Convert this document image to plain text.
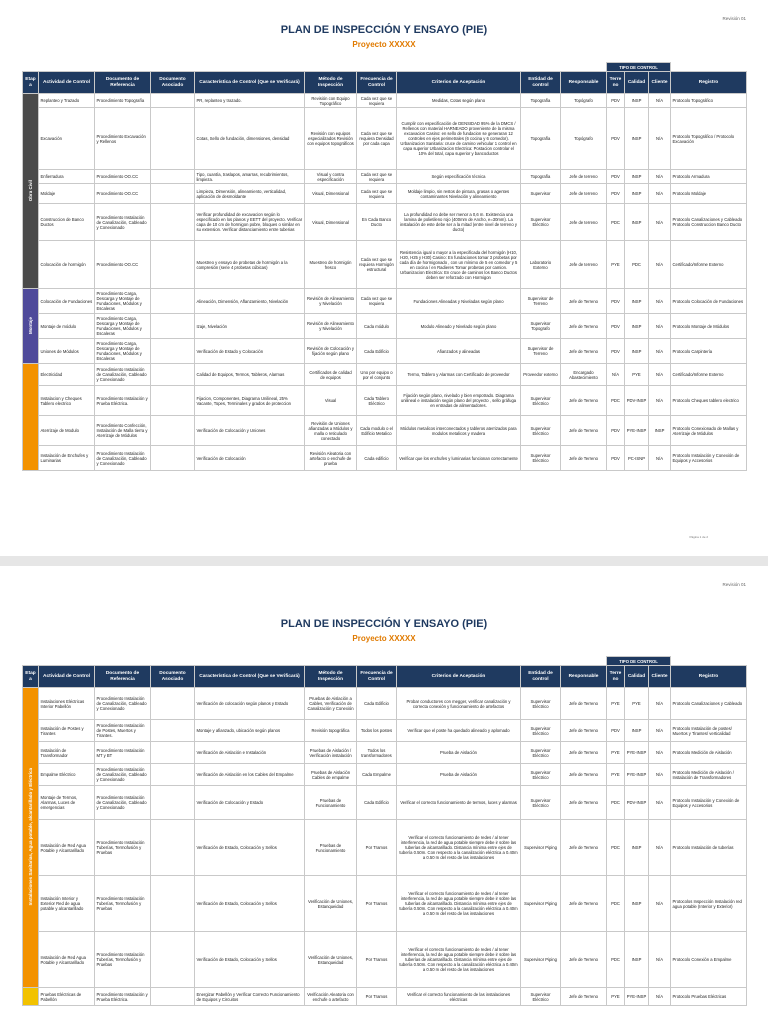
Revisión 01
PLAN DE INSPECCIÓN Y ENSAYO (PIE)
Proyecto XXXXX
										TIPO DE CONTROL			
Etapa	Actividad de Control	Documento de Referencia	Documento Asociado	Característica de Control (Que se Verificará)	Método de Inspección	Frecuencia de Control	Criterios de Aceptación	Entidad de control	Responsable	Terreno	Calidad	Cliente	Registro
Obra Civil	Replanteo y Trazado	Procedimiento Topografía		PR, replanteo y trazado.	Revisión con Equipo Topográfico	Cada vez que se requiera	Medidas, Cotas según plano	Topografía	Topógrafo	PDV	INSP	N/A	Protocolo Topográfico
	Excavación	Procedimiento Excavación y Rellenos		Cotas, Sello de fundación, dimensiones, densidad	Revisión con equipos especializados Revisión con equipos topográficos	Cada vez que se requiera Densidad por cada capa	Cumplir con especificación de DENSIDAD 95% de la DMCS / Rellenos con material HARNEADO proveniente de la misma excavacion Casino: en sello de fundacion se generaran 12 controles en ejes perimetrales (6 cocina y 6 comedor). Urbanizacion Sanitaria: cruce de camino vehicular 1 control en capa superior Urbanizacion Electrica: Postacion controlar el 10% del total, capa superior y bancoductos	Topografía	Topógrafo	PDV	INSP	N/A	Protocolo Topográfico / Protocolo Excavación
	Enfierradura	Procedimiento OO.CC		Tipo, cuantía, traslapos, amarras, recubrimientos, limpieza.	Visual y contra especificación	Cada vez que se requiera	Según especificación técnica	Topografía	Jefe de terreno	PDV	INSP	N/A	Protocolo Armadura
	Moldaje	Procedimiento OO.CC		Limpieza, Dimensión, alineamiento, verticalidad, aplicación de desmoldante	Visual, Dimensional	Cada vez que se requiera	Moldaje limpio, sin restos de pintura, grasas o agentes contaminantes Nivelación y alineamiento	Supervisor	Jefe de terreno	PDV	INSP	N/A	Protocolo Moldaje
	Construccion de Banco Ductos	Procedimiento Instalación de Canalización, Cableado y Conexionado		Verificar profundidad de excavacion según lo especificado en los planos y EETT del proyecto. Verificar capa de 10 cm de hormigon pobre, bloques o similar en su extension. Verificar distanciamiento entre tuberias	Visual, Dimensional	En Cada Banco Ducto	La profundidad no debe ser menor a 0,6 m. Existencia una lamina de polietileno rojo (400mm de Ancho, e=30mm). La instalación de este debe ser a la mitad (entre nivel de terreno y ducto)	Supervisor Eléctrico	Jefe de terreno	PDC	INSP	N/A	Protocolo Canalizaciones y Cableado Protocolo Construccion Banco Ducto
	Colocación de hormigón	Procedimiento OO.CC		Muestreo y ensayo de probetas de hormigón a la compresión (serie 4 probetas cúbicas)	Muestreo de hormigón fresco	Cada vez que se requiera Hormigón estructural	Resistencia igual o mayor a la especificada del hormigón (H10, H20, H25 y H30) Casino: En fundaciones tomar 3 probetas por cada día de hormigonado , con un mínimo de 5 en comedor y 5 en cocina / en Radieres Tomar probetas por camion. Urbanizacion Electrica: En cruce de caminos los Banco Ductos deben ser reforzado con Hormigon	Laboratorio Externo	Jefe de terreno	PYE	PDC	N/A	Certificado/Informe Externo
Montaje	Colocación de Fundaciones	Procedimiento Carga, Descarga y Montaje de Fundaciones, Módulos y Escaleras		Alineación, Dimensión, Aflanzamiento, Nivelación	Revisión de Alineamiento y Nivelación	Cada vez que se requiera	Fundaciones Alineadas y Niveladas según plano	Supervisor de Terreno	Jefe de Terreno	PDV	INSP	N/A	Protocolo Colocación de Fundaciones
	Montaje de módulo	Procedimiento Carga, Descarga y Montaje de Fundaciones, Módulos y Escaleras		Izaje, Nivelación	Revisión de Alineamiento y Nivelación	Cada módulo	Modulo Alineado y Nivelado según plano	Supervisor Topografo	Jefe de Terreno	PDV	INSP	N/A	Protocolo Montaje de Módulos
	Uniones de Módulos	Procedimiento Carga, Descarga y Montaje de Fundaciones, Módulos y Escaleras		Verificación de Estado y Colocación	Revisión de Colocación y fijación según plano	Cada Edificio	Afianzados y alineadas	Supervisor de Terreno	Jefe de Terreno	PDV	INSP	N/A	Protocolo Carpintería
	Electricidad	Procedimiento Instalación de Canalización, Cableado y Conexionado		Calidad de Equipos, Termos, Tableros, Alarmas	Certificados de calidad de equipos	Uno por equipo o por el conjunto	Termo, Tablero y Alarmas con Certificado de proveedor	Proveedor externo	Encargado Abastecimiento	N/A	PYE	N/A	Certificado/Informe Externo
	Instalacion y Cheques Tablero electrico	Procedimiento Instalación y Prueba Eléctrica.		Fijacion, Componentes, Diagrama Unilineal, 25% Vacante, Topes, Terminales y grados de proteccion	Visual	Cada Tablero Eléctrico	Fijación según plano, nivelado y bien empotrado. Diagrama unilineal e instalación según plano del proyecto , sello gráfuga en entradas de alimentadores.	Supervisor Eléctrico	Jefe de Terreno	PDC	PDV-INSP	N/A	Protocolo Cheques tablero electrico
	Aterrizaje de Modulo	Procedimiento Confección, Instalación de Malla tierra y Aterrizaje de Módulos		Verificación de Colocación y Uniones	Revisión de Uniones afianzadas a Módulos y malla o reticulado conectado	Cada modulo o el Edificio Metalico	Módulos metalicos interconectados y tableros aterrizados para modulos metalicos y madera	Supervisor Eléctrico	Jefe de Terreno	PDV	PYE-INSP	INSP	Protocolo Conexionado de Mallas y Aterrizaje de Módulos
	Instalación de Enchufes y Luminarias	Procedimiento Instalación de Canalización, Cableado y Conexionado		Verificación de Colocación	Revisión Aleatoria con artefacto o enchufe de prueba	Cada edificio	Verificar que los enchufes y luminarias funcionan correctamente	Supervisor Eléctrico	Jefe de Terreno	PDV	PC-ISNP	N/A	Protocolo Instalación y Conexión de Equipos y Accesorios
Página 1 de 2
Revisión 01
PLAN DE INSPECCIÓN Y ENSAYO (PIE)
Proyecto XXXXX
										TIPO DE CONTROL			
Etapa	Actividad de Control	Documento de Referencia	Documento Asociado	Característica de Control (Que se Verificará)	Método de Inspección	Frecuencia de Control	Criterios de Aceptación	Entidad de control	Responsable	Terreno	Calidad	Cliente	Registro
Instalaciones Sanitarias, Agua potable, alcantarillado y Eléctrica	Instalaciones Eléctricas Interior Pabellón	Procedimiento Instalación de Canalización, Cableado y Conexionado		Verificación de colocación según planos y Estado	Pruebas de Aislación a Cables, Verificación de Canalización y Conexión	Cada Edificio	Probar conductores con megger, verificar canalización y correcta conexión y funcionamiento de artefactos	Supervisor Eléctrico	Jefe de Terreno	PYE	PYE	N/A	Protocolo Canalizaciones y Cableado
	Instalación de Postes y Tirantes	Procedimiento Instalación de Postes, Muertos y Tirantes.		Montaje y afianzado, ubicación según planos	Revisión topográfica	Todos los postes	Verificar que el poste ha quedado alineado y aplomado	Supervisor Eléctrico	Jefe de Terreno	PDV	INSP	N/A	Protocolo Instalación de postes/ Muertos y Tirantes/ verticalidad
	Instalación de Transformador	Procedimiento Instalación MT y BT		Verificación de Aislación e Instalación	Pruebas de Aislación / Verificación instalación	Todos los transformadores	Prueba de Aislación	Supervisor Eléctrico	Jefe de Terreno	PYE	PYE-INSP	N/A	Protocolo Medición de Aislación
	Empalme Eléctrico	Procedimiento Instalación de Canalización, Cableado y Conexionado		Verificación de Aislación en los Cables del Empalme	Pruebas de Aislación Cables de empalme	Cada Empalme	Prueba de Aislación	Supervisor Eléctrico	Jefe de Terreno	PYE	PYE-INSP	N/A	Protocolo Medición de Aislación / Instalación de Transformadores
	Montaje de Termos, Alarmas, Luces de emergencias	Procedimiento Instalación de Canalización, Cableado y Conexionado		Verificación de Colocación y Estado	Pruebas de Funcionamiento	Cada Edificio	Verificar el correcto funcionamiento de termos, luces y alarmas	Supervisor Eléctrico	Jefe de Terreno	PDC	PDV-INSP	N/A	Protocolo Instalación y Conexión de Equipos y Accesorios
	Instalación de Red Agua Potable y Alcantarillado	Procedimiento Instalación Tuberías, Termofusión y Pruebas		Verificación de Estado, Colocación y Sellos	Pruebas de Funcionamiento	Por Tramos	Verificar el correcto funcionamiento de redes / al tener interferencia, la red de agua potable siempre debe ir sobre las tuberías de alcantarillado. Distancia mínima entre ejes de tubería 0.50m. Con respecto a la canalización eléctrica a 0.40m a 0.50 m del resto de las instalaciones	Supervisor Piping	Jefe de Terreno	PDC	INSP	N/A	Protocolo Instalación de tuberías
	Instalación Interior y Exterior Red de agua potable y alcantarillado	Procedimiento Instalación Tuberías, Termofusión y Pruebas		Verificación de Estado, Colocación y Sellos	Verificación de Uniones, Estanqueidad	Por Tramos	Verificar el correcto funcionamiento de redes / al tener interferencia, la red de agua potable siempre debe ir sobre las tuberías de alcantarillado. Distancia mínima entre ejes de tubería 0.50m. Con respecto a la canalización eléctrica a 0.40m a 0.50 m del resto de las instalaciones	Supervisor Piping	Jefe de Terreno	PDC	INSP	N/A	Protocolos Inspección Instalación red agua potable (Interior y Exterior)
	Instalación de Red Agua Potable y Alcantarillado	Procedimiento Instalación Tuberías, Termofusión y Pruebas		Verificación de Estado, Colocación y Sellos	Verificación de Uniones, Estanqueidad	Por Tramos	Verificar el correcto funcionamiento de redes / al tener interferencia, la red de agua potable siempre debe ir sobre las tuberías de alcantarillado. Distancia mínima entre ejes de tubería 0.50m. Con respecto a la canalización eléctrica a 0.40m a 0.50 m del resto de las instalaciones	Supervisor Piping	Jefe de Terreno	PDC	INSP	N/A	Protocolo Conexión a Empalme
	Pruebas Eléctricas de Pabellón	Procedimiento Instalación y Prueba Eléctrica.		Energizar Pabellón y Verificar Correcto Funcionamiento de Equipos y Circuitos	Verificación Aleatoria con enchufe o artefacto	Por Tramos	Verificar el correcto funcionamiento de las instalaciones eléctricas	Supervisor Eléctrico	Jefe de Terreno	PYE	PYE-INSP	N/A	Protocolo Pruebas Eléctricas
